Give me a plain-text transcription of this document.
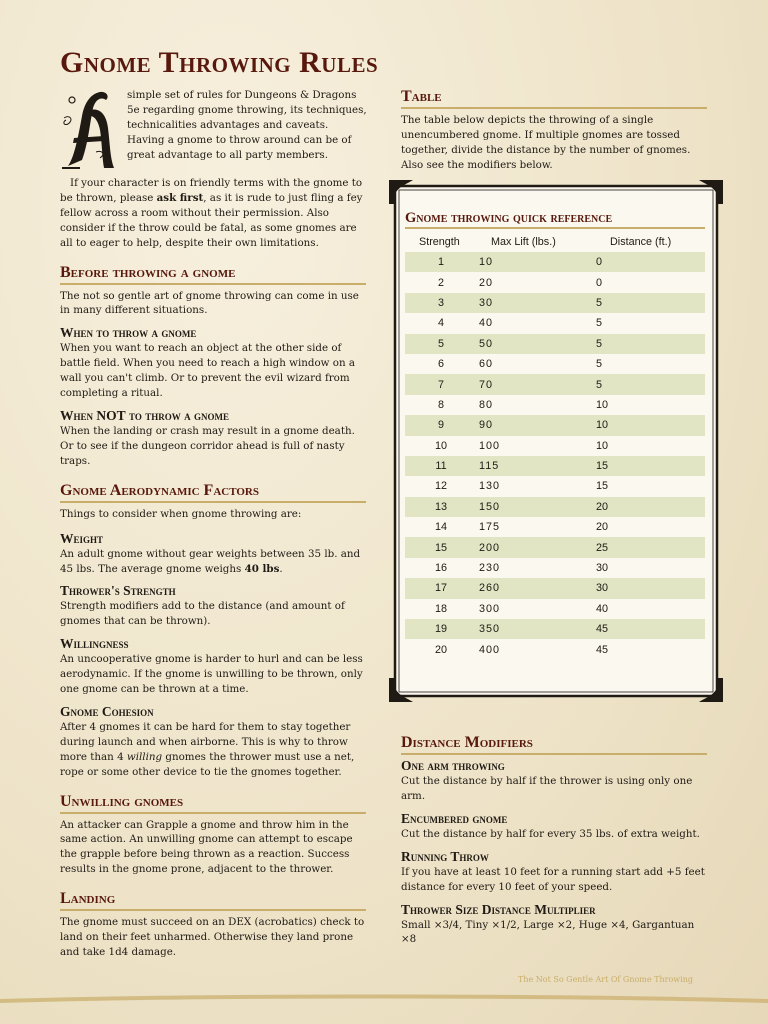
Gnome Throwing Rules

simple set of rules for Dungeons & Dragons 5e regarding gnome throwing, its techniques, technicalities advantages and caveats. Having a gnome to throw around can be of great advantage to all party members.

If your character is on friendly terms with the gnome to be thrown, please ask first, as it is rude to just fling a fey fellow across a room without their permission. Also consider if the throw could be fatal, as some gnomes are all to eager to help, despite their own limitations.

Before throwing a gnome

The not so gentle art of gnome throwing can come in use in many different situations.

When to throw a gnome

When you want to reach an object at the other side of battle field. When you need to reach a high window on a wall you can't climb. Or to prevent the evil wizard from completing a ritual.

When NOT to throw a gnome

When the landing or crash may result in a gnome death. Or to see if the dungeon corridor ahead is full of nasty traps.

Gnome Aerodynamic Factors

Things to consider when gnome throwing are:

Weight

An adult gnome without gear weights between 35 lb. and 45 lbs. The average gnome weighs 40 lbs.

Thrower's Strength

Strength modifiers add to the distance (and amount of gnomes that can be thrown).

Willingness

An uncooperative gnome is harder to hurl and can be less aerodynamic. If the gnome is unwilling to be thrown, only one gnome can be thrown at a time.

Gnome Cohesion

After 4 gnomes it can be hard for them to stay together during launch and when airborne. This is why to throw more than 4 willing gnomes the thrower must use a net, rope or some other device to tie the gnomes together.

Unwilling gnomes

An attacker can Grapple a gnome and throw him in the same action. An unwilling gnome can attempt to escape the grapple before being thrown as a reaction. Success results in the gnome prone, adjacent to the thrower.

Landing

The gnome must succeed on an DEX (acrobatics) check to land on their feet unharmed. Otherwise they land prone and take 1d4 damage.

Table

The table below depicts the throwing of a single unencumbered gnome. If multiple gnomes are tossed together, divide the distance by the number of gnomes. Also see the modifiers below.

Gnome throwing quick reference
Strength	Max Lift (lbs.)	Distance (ft.)
1	10	0
2	20	0
3	30	5
4	40	5
5	50	5
6	60	5
7	70	5
8	80	10
9	90	10
10	100	10
11	115	15
12	130	15
13	150	20
14	175	20
15	200	25
16	230	30
17	260	30
18	300	40
19	350	45
20	400	45
Distance Modifiers
One arm throwing

Cut the distance by half if the thrower is using only one arm.

Encumbered gnome

Cut the distance by half for every 35 lbs. of extra weight.

Running Throw

If you have at least 10 feet for a running start add +5 feet distance for every 10 feet of your speed.

Thrower Size Distance Multiplier

Small ×3/4, Tiny ×1/2, Large ×2, Huge ×4, Gargantuan ×8

The Not So Gentle Art Of Gnome Throwing
